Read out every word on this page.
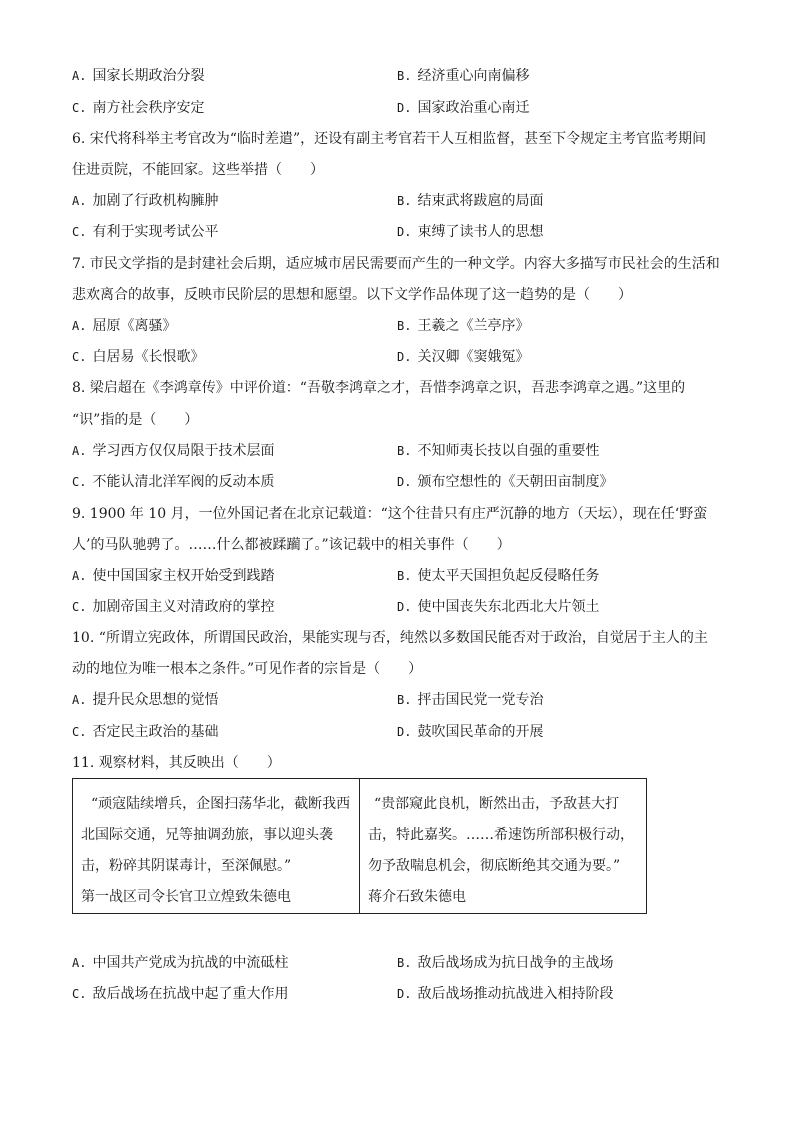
A. 国家长期政治分裂	B. 经济重心向南偏移
C. 南方社会秩序安定	D. 国家政治重心南迁
6. 宋代将科举主考官改为“临时差遣”，还设有副主考官若干人互相监督，甚至下令规定主考官监考期间
住进贡院，不能回家。这些举措（　　）
A. 加剧了行政机构臃肿	B. 结束武将跋扈的局面
C. 有利于实现考试公平	D. 束缚了读书人的思想
7. 市民文学指的是封建社会后期，适应城市居民需要而产生的一种文学。内容大多描写市民社会的生活和
悲欢离合的故事，反映市民阶层的思想和愿望。以下文学作品体现了这一趋势的是（　　）
A. 屈原《离骚》	B. 王羲之《兰亭序》
C. 白居易《长恨歌》	D. 关汉卿《窦娥冤》
8. 梁启超在《李鸿章传》中评价道：“吾敬李鸿章之才，吾惜李鸿章之识，吾悲李鸿章之遇。”这里的
“识”指的是（　　）
A. 学习西方仅仅局限于技术层面	B. 不知师夷长技以自强的重要性
C. 不能认清北洋军阀的反动本质	D. 颁布空想性的《天朝田亩制度》
9. 1900 年 10 月，一位外国记者在北京记载道：“这个往昔只有庄严沉静的地方（天坛），现在任‘野蛮
人’的马队驰骋了。……什么都被蹂躏了。”该记载中的相关事件（　　）
A. 使中国国家主权开始受到践踏	B. 使太平天国担负起反侵略任务
C. 加剧帝国主义对清政府的掌控	D. 使中国丧失东北西北大片领土
10. “所谓立宪政体，所谓国民政治，果能实现与否，纯然以多数国民能否对于政治，自觉居于主人的主
动的地位为唯一根本之条件。”可见作者的宗旨是（　　）
A. 提升民众思想的觉悟	B. 抨击国民党一党专治
C. 否定民主政治的基础	D. 鼓吹国民革命的开展
11. 观察材料，其反映出（　　）
“顽寇陆续增兵，企图扫荡华北，截断我西
北国际交通，兄等抽调劲旅，事以迎头袭
击，粉碎其阴谋毒计，至深佩慰。”
第一战区司令长官卫立煌致朱德电

“贵部窥此良机，断然出击，予敌甚大打
击，特此嘉奖。……希速饬所部积极行动，
勿予敌喘息机会，彻底断绝其交通为要。”
蒋介石致朱德电
A. 中国共产党成为抗战的中流砥柱	B. 敌后战场成为抗日战争的主战场
C. 敌后战场在抗战中起了重大作用	D. 敌后战场推动抗战进入相持阶段
